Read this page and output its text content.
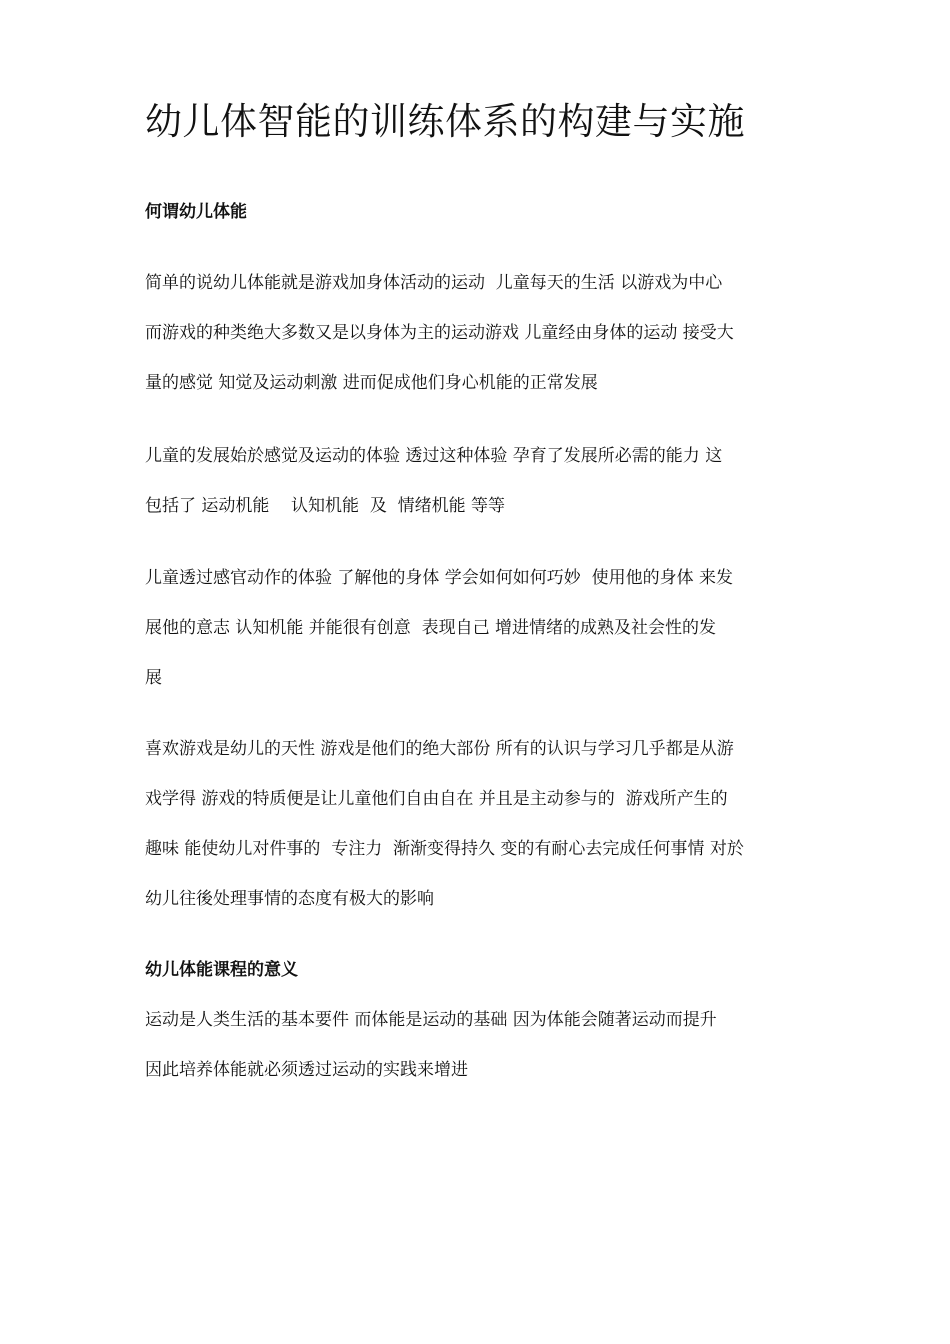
幼儿体智能的训练体系的构建与实施
何谓幼儿体能
简单的说幼儿体能就是游戏加身体活动的运动  儿童每天的生活 以游戏为中心
而游戏的种类绝大多数又是以身体为主的运动游戏 儿童经由身体的运动 接受大
量的感觉 知觉及运动刺激 进而促成他们身心机能的正常发展
儿童的发展始於感觉及运动的体验 透过这种体验 孕育了发展所必需的能力 这
包括了 运动机能    认知机能  及  情绪机能 等等
儿童透过感官动作的体验 了解他的身体 学会如何如何巧妙  使用他的身体 来发
展他的意志 认知机能 并能很有创意  表现自己 增进情绪的成熟及社会性的发
展
喜欢游戏是幼儿的天性 游戏是他们的绝大部份 所有的认识与学习几乎都是从游
戏学得 游戏的特质便是让儿童他们自由自在 并且是主动参与的  游戏所产生的
趣味 能使幼儿对件事的  专注力  渐渐变得持久 变的有耐心去完成任何事情 对於
幼儿往後处理事情的态度有极大的影响
幼儿体能课程的意义
运动是人类生活的基本要件 而体能是运动的基础 因为体能会随著运动而提升
因此培养体能就必须透过运动的实践来增进
